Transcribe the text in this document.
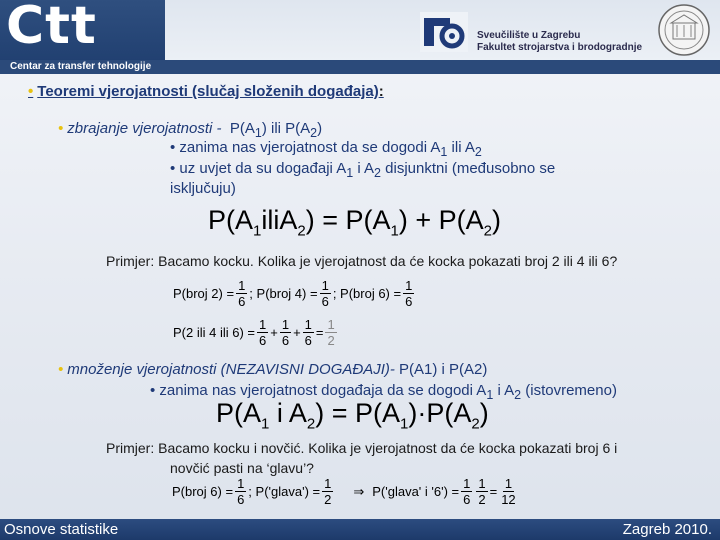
Ctt
Centar za transfer tehnologije
Sveučilište u Zagrebu
Fakultet strojarstva i brodogradnje
• Teoremi vjerojatnosti (slučaj složenih događaja):
• zbrajanje vjerojatnosti -  $P(A_1)$ ili $P(A_2)$
• zanima nas vjerojatnost da se dogodi $A_1$ ili $A_2$
• uz uvjet da su događaji $A_1$ i $A_2$ disjunktni (međusobno se
isključuju)
$P(A_1iliA_2) = P(A_1) + P(A_2)$
Primjer: Bacamo kocku. Kolika je vjerojatnost da će kocka pokazati broj 2 ili 4 ili 6?
P(broj $2) = \frac{1}{6}$ ; P(broj $4) = \frac{1}{6}$ ; P(broj $6) = \frac{1}{6}$
P(2 ili 4 ili $6) = \frac{1}{6} + \frac{1}{6} + \frac{1}{6} = \frac{1}{2}$
• množenje vjerojatnosti (NEZAVISNI DOGAĐAJI)- P(A1) i P(A2)
• zanima nas vjerojatnost događaja da se dogodi $A_1$ i $A_2$ (istovremeno)
$P(A_1$ i $A_2) = P(A_1)\cdot P(A_2)$
Primjer: Bacamo kocku i novčić. Kolika je vjerojatnost da će kocka pokazati broj 6 i
novčić pasti na ‘glavu’?
P(broj $6) = \frac{1}{6}$ ; P('glava') = $\frac{1}{2}$ ⇒ P('glava' i '$6') = \frac{1}{6} \frac{1}{2} = \frac{1}{12}$
Osnove statistike	Zagreb 2010.
